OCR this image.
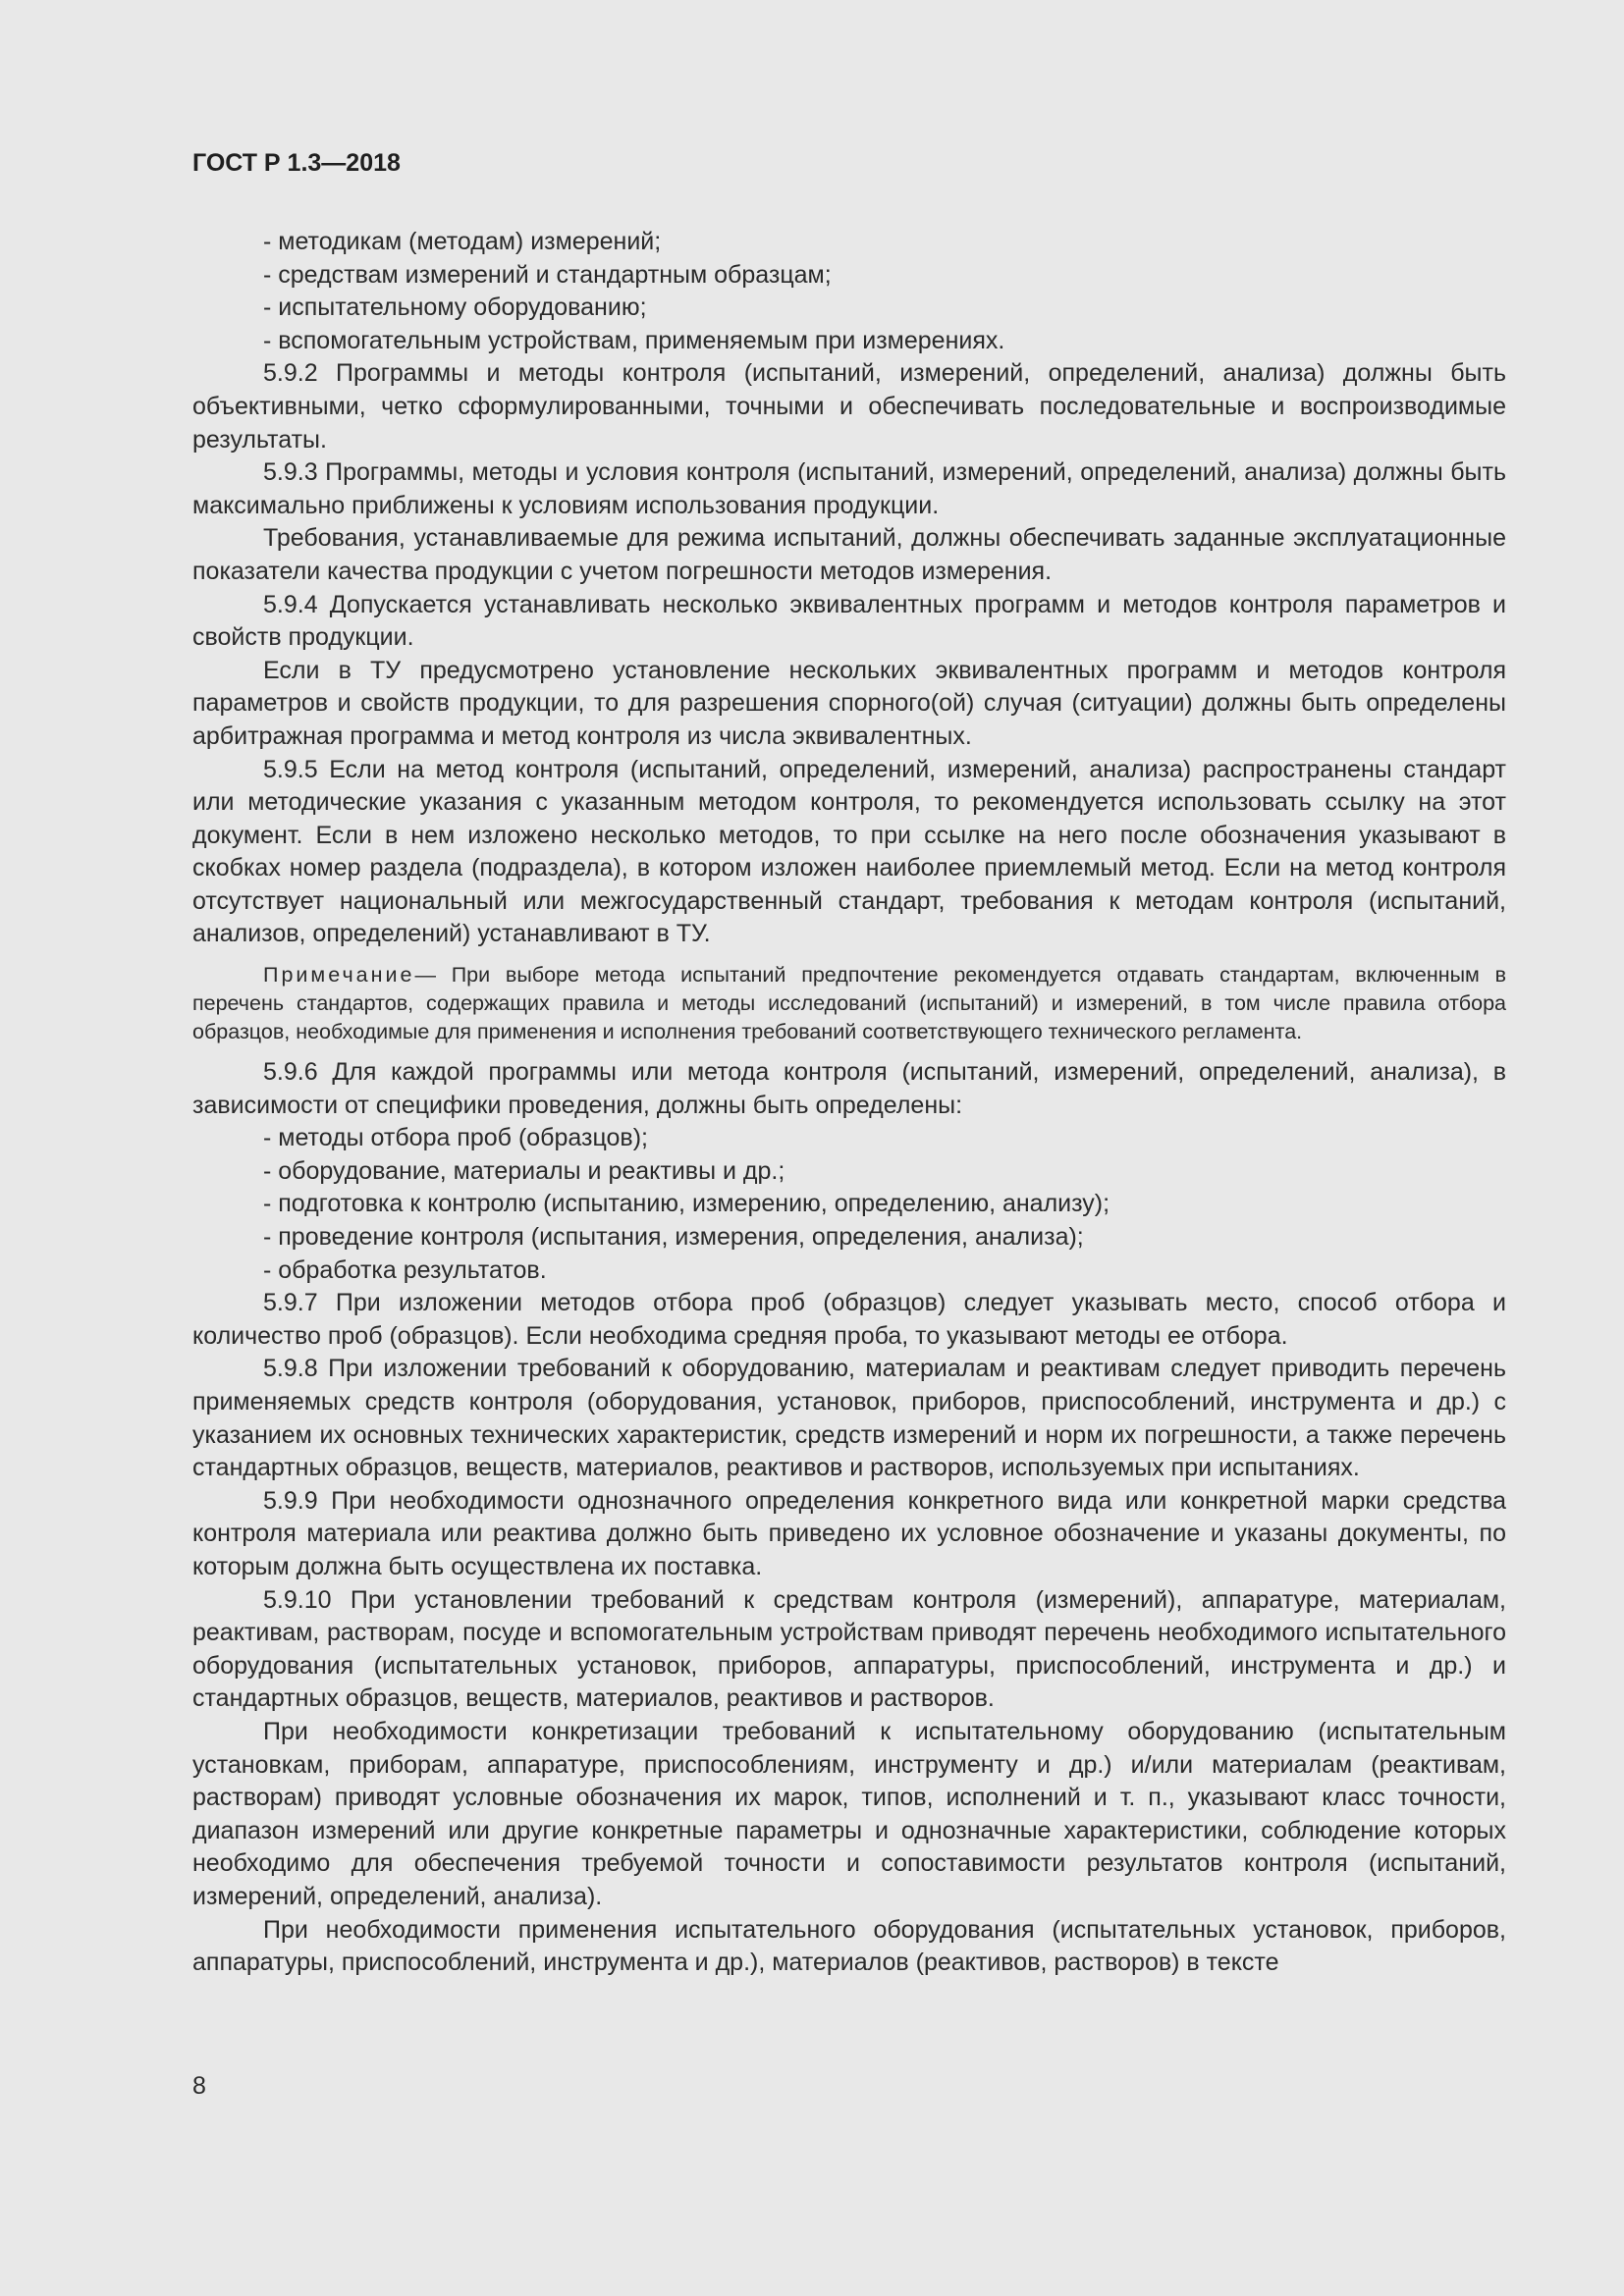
ГОСТ Р 1.3—2018

- методикам (методам) измерений;

- средствам измерений и стандартным образцам;

- испытательному оборудованию;

- вспомогательным устройствам, применяемым при измерениях.

5.9.2 Программы и методы контроля (испытаний, измерений, определений, анализа) должны быть объективными, четко сформулированными, точными и обеспечивать последовательные и воспроизводимые результаты.

5.9.3 Программы, методы и условия контроля (испытаний, измерений, определений, анализа) должны быть максимально приближены к условиям использования продукции.

Требования, устанавливаемые для режима испытаний, должны обеспечивать заданные эксплуатационные показатели качества продукции с учетом погрешности методов измерения.

5.9.4 Допускается устанавливать несколько эквивалентных программ и методов контроля параметров и свойств продукции.

Если в ТУ предусмотрено установление нескольких эквивалентных программ и методов контроля параметров и свойств продукции, то для разрешения спорного(ой) случая (ситуации) должны быть определены арбитражная программа и метод контроля из числа эквивалентных.

5.9.5 Если на метод контроля (испытаний, определений, измерений, анализа) распространены стандарт или методические указания с указанным методом контроля, то рекомендуется использовать ссылку на этот документ. Если в нем изложено несколько методов, то при ссылке на него после обозначения указывают в скобках номер раздела (подраздела), в котором изложен наиболее приемлемый метод. Если на метод контроля отсутствует национальный или межгосударственный стандарт, требования к методам контроля (испытаний, анализов, определений) устанавливают в ТУ.

Примечание— При выборе метода испытаний предпочтение рекомендуется отдавать стандартам, включенным в перечень стандартов, содержащих правила и методы исследований (испытаний) и измерений, в том числе правила отбора образцов, необходимые для применения и исполнения требований соответствующего технического регламента.

5.9.6 Для каждой программы или метода контроля (испытаний, измерений, определений, анализа), в зависимости от специфики проведения, должны быть определены:

- методы отбора проб (образцов);

- оборудование, материалы и реактивы и др.;

- подготовка к контролю (испытанию, измерению, определению, анализу);

- проведение контроля (испытания, измерения, определения, анализа);

- обработка результатов.

5.9.7 При изложении методов отбора проб (образцов) следует указывать место, способ отбора и количество проб (образцов). Если необходима средняя проба, то указывают методы ее отбора.

5.9.8 При изложении требований к оборудованию, материалам и реактивам следует приводить перечень применяемых средств контроля (оборудования, установок, приборов, приспособлений, инструмента и др.) с указанием их основных технических характеристик, средств измерений и норм их погрешности, а также перечень стандартных образцов, веществ, материалов, реактивов и растворов, используемых при испытаниях.

5.9.9 При необходимости однозначного определения конкретного вида или конкретной марки средства контроля материала или реактива должно быть приведено их условное обозначение и указаны документы, по которым должна быть осуществлена их поставка.

5.9.10 При установлении требований к средствам контроля (измерений), аппаратуре, материалам, реактивам, растворам, посуде и вспомогательным устройствам приводят перечень необходимого испытательного оборудования (испытательных установок, приборов, аппаратуры, приспособлений, инструмента и др.) и стандартных образцов, веществ, материалов, реактивов и растворов.

При необходимости конкретизации требований к испытательному оборудованию (испытательным установкам, приборам, аппаратуре, приспособлениям, инструменту и др.) и/или материалам (реактивам, растворам) приводят условные обозначения их марок, типов, исполнений и т. п., указывают класс точности, диапазон измерений или другие конкретные параметры и однозначные характеристики, соблюдение которых необходимо для обеспечения требуемой точности и сопоставимости результатов контроля (испытаний, измерений, определений, анализа).

При необходимости применения испытательного оборудования (испытательных установок, приборов, аппаратуры, приспособлений, инструмента и др.), материалов (реактивов, растворов) в тексте

8
